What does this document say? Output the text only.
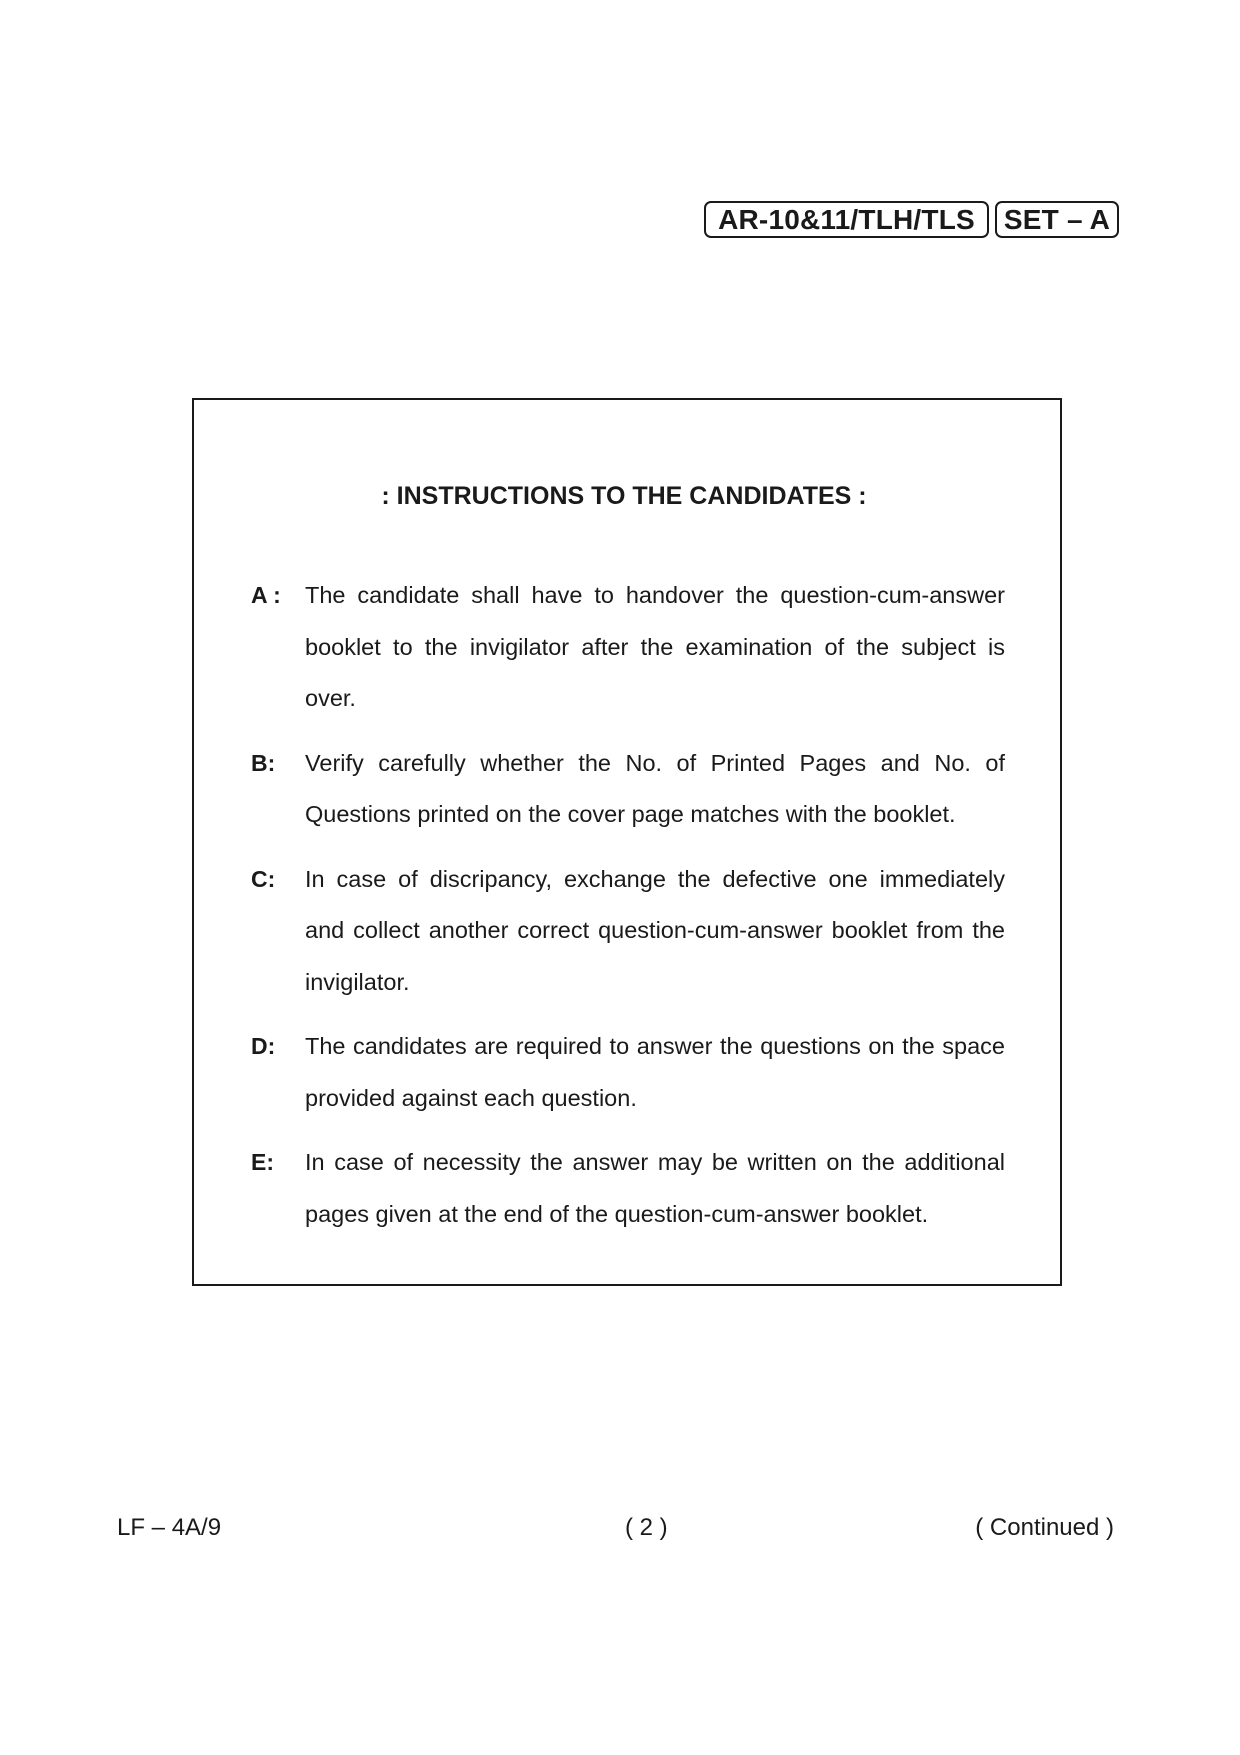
AR-10&11/TLH/TLS	SET – A
: INSTRUCTIONS TO THE CANDIDATES :
A :	The candidate shall have to handover the question-cum-answer booklet to the invigilator after the examination of the subject is over.
B:	Verify carefully whether the No. of Printed Pages and No. of Questions printed on the cover page matches with the booklet.
C:	In case of discripancy, exchange the defective one immediately and collect another correct question-cum-answer booklet from the invigilator.
D:	The candidates are required to answer the questions on the space provided against each question.
E:	In case of necessity the answer may be written on the additional pages given at the end of the question-cum-answer booklet.
LF – 4A/9	( 2 )	( Continued )
